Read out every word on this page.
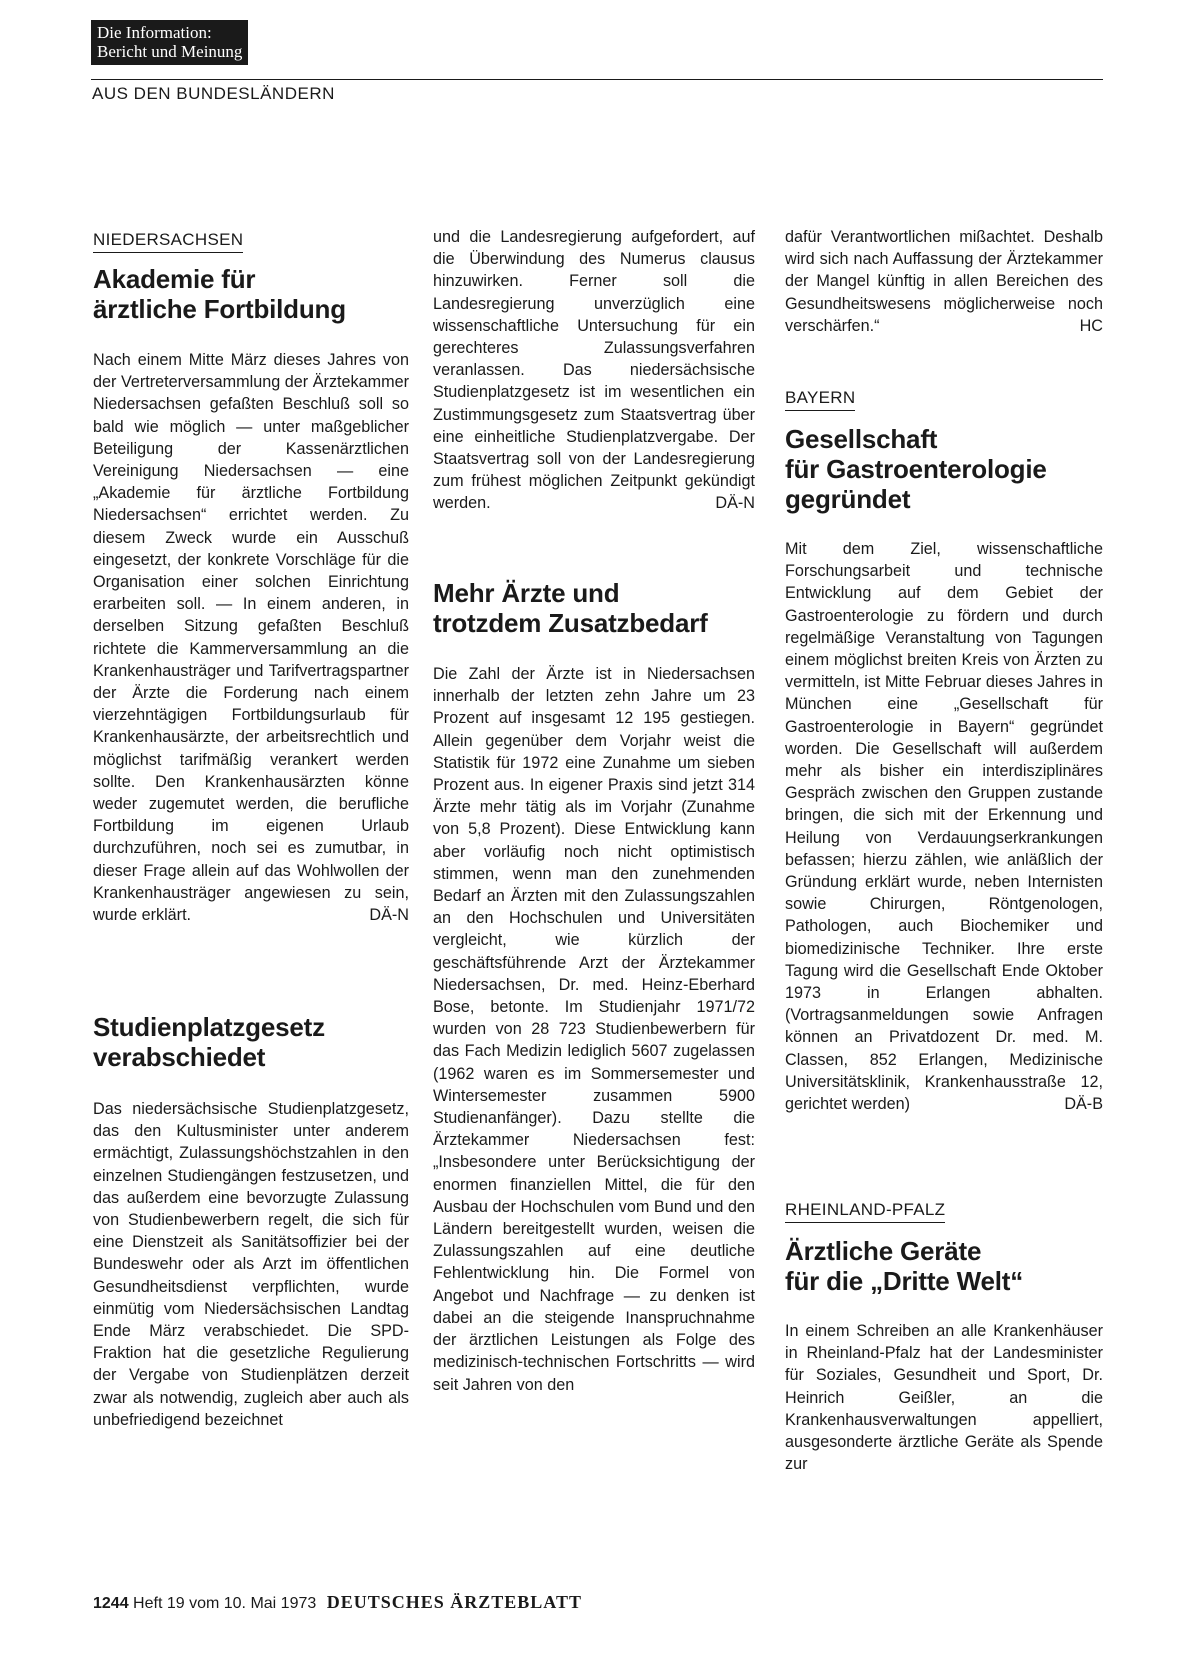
Die Information:
Bericht und Meinung
AUS DEN BUNDESLÄNDERN
NIEDERSACHSEN
Akademie für
ärztliche Fortbildung
Nach einem Mitte März dieses Jahres von der Vertreterversammlung der Ärztekammer Niedersachsen gefaßten Beschluß soll so bald wie möglich — unter maßgeblicher Beteiligung der Kassenärztlichen Vereinigung Niedersachsen — eine „Akademie für ärztliche Fortbildung Niedersachsen“ errichtet werden. Zu diesem Zweck wurde ein Ausschuß eingesetzt, der konkrete Vorschläge für die Organisation einer solchen Einrichtung erarbeiten soll. — In einem anderen, in derselben Sitzung gefaßten Beschluß richtete die Kammerversammlung an die Krankenhausträger und Tarifvertragspartner der Ärzte die Forderung nach einem vierzehntägigen Fortbildungsurlaub für Krankenhausärzte, der arbeitsrechtlich und möglichst tarifmäßig verankert werden sollte. Den Krankenhausärzten könne weder zugemutet werden, die berufliche Fortbildung im eigenen Urlaub durchzuführen, noch sei es zumutbar, in dieser Frage allein auf das Wohlwollen der Krankenhausträger angewiesen zu sein, wurde erklärt.	DÄ-N
Studienplatzgesetz
verabschiedet
Das niedersächsische Studienplatzgesetz, das den Kultusminister unter anderem ermächtigt, Zulassungshöchstzahlen in den einzelnen Studiengängen festzusetzen, und das außerdem eine bevorzugte Zulassung von Studienbewerbern regelt, die sich für eine Dienstzeit als Sanitätsoffizier bei der Bundeswehr oder als Arzt im öffentlichen Gesundheitsdienst verpflichten, wurde einmütig vom Niedersächsischen Landtag Ende März verabschiedet. Die SPD-Fraktion hat die gesetzliche Regulierung der Vergabe von Studienplätzen derzeit zwar als notwendig, zugleich aber auch als unbefriedigend bezeichnet
und die Landesregierung aufgefordert, auf die Überwindung des Numerus clausus hinzuwirken. Ferner soll die Landesregierung unverzüglich eine wissenschaftliche Untersuchung für ein gerechteres Zulassungsverfahren veranlassen. Das niedersächsische Studienplatzgesetz ist im wesentlichen ein Zustimmungsgesetz zum Staatsvertrag über eine einheitliche Studienplatzvergabe. Der Staatsvertrag soll von der Landesregierung zum frühest möglichen Zeitpunkt gekündigt werden.	DÄ-N
Mehr Ärzte und
trotzdem Zusatzbedarf
Die Zahl der Ärzte ist in Niedersachsen innerhalb der letzten zehn Jahre um 23 Prozent auf insgesamt 12 195 gestiegen. Allein gegenüber dem Vorjahr weist die Statistik für 1972 eine Zunahme um sieben Prozent aus. In eigener Praxis sind jetzt 314 Ärzte mehr tätig als im Vorjahr (Zunahme von 5,8 Prozent). Diese Entwicklung kann aber vorläufig noch nicht optimistisch stimmen, wenn man den zunehmenden Bedarf an Ärzten mit den Zulassungszahlen an den Hochschulen und Universitäten vergleicht, wie kürzlich der geschäftsführende Arzt der Ärztekammer Niedersachsen, Dr. med. Heinz-Eberhard Bose, betonte. Im Studienjahr 1971/72 wurden von 28 723 Studienbewerbern für das Fach Medizin lediglich 5607 zugelassen (1962 waren es im Sommersemester und Wintersemester zusammen 5900 Studienanfänger). Dazu stellte die Ärztekammer Niedersachsen fest: „Insbesondere unter Berücksichtigung der enormen finanziellen Mittel, die für den Ausbau der Hochschulen vom Bund und den Ländern bereitgestellt wurden, weisen die Zulassungszahlen auf eine deutliche Fehlentwicklung hin. Die Formel von Angebot und Nachfrage — zu denken ist dabei an die steigende Inanspruchnahme der ärztlichen Leistungen als Folge des medizinisch-technischen Fortschritts — wird seit Jahren von den
dafür Verantwortlichen mißachtet. Deshalb wird sich nach Auffassung der Ärztekammer der Mangel künftig in allen Bereichen des Gesundheitswesens möglicherweise noch verschärfen.“	HC
BAYERN
Gesellschaft
für Gastroenterologie
gegründet
Mit dem Ziel, wissenschaftliche Forschungsarbeit und technische Entwicklung auf dem Gebiet der Gastroenterologie zu fördern und durch regelmäßige Veranstaltung von Tagungen einem möglichst breiten Kreis von Ärzten zu vermitteln, ist Mitte Februar dieses Jahres in München eine „Gesellschaft für Gastroenterologie in Bayern“ gegründet worden. Die Gesellschaft will außerdem mehr als bisher ein interdisziplinäres Gespräch zwischen den Gruppen zustande bringen, die sich mit der Erkennung und Heilung von Verdauungserkrankungen befassen; hierzu zählen, wie anläßlich der Gründung erklärt wurde, neben Internisten sowie Chirurgen, Röntgenologen, Pathologen, auch Biochemiker und biomedizinische Techniker. Ihre erste Tagung wird die Gesellschaft Ende Oktober 1973 in Erlangen abhalten. (Vortragsanmeldungen sowie Anfragen können an Privatdozent Dr. med. M. Classen, 852 Erlangen, Medizinische Universitätsklinik, Krankenhausstraße 12, gerichtet werden)	DÄ-B
RHEINLAND-PFALZ
Ärztliche Geräte
für die „Dritte Welt“
In einem Schreiben an alle Krankenhäuser in Rheinland-Pfalz hat der Landesminister für Soziales, Gesundheit und Sport, Dr. Heinrich Geißler, an die Krankenhausverwaltungen appelliert, ausgesonderte ärztliche Geräte als Spende zur
1244 Heft 19 vom 10. Mai 1973 DEUTSCHES ÄRZTEBLATT
